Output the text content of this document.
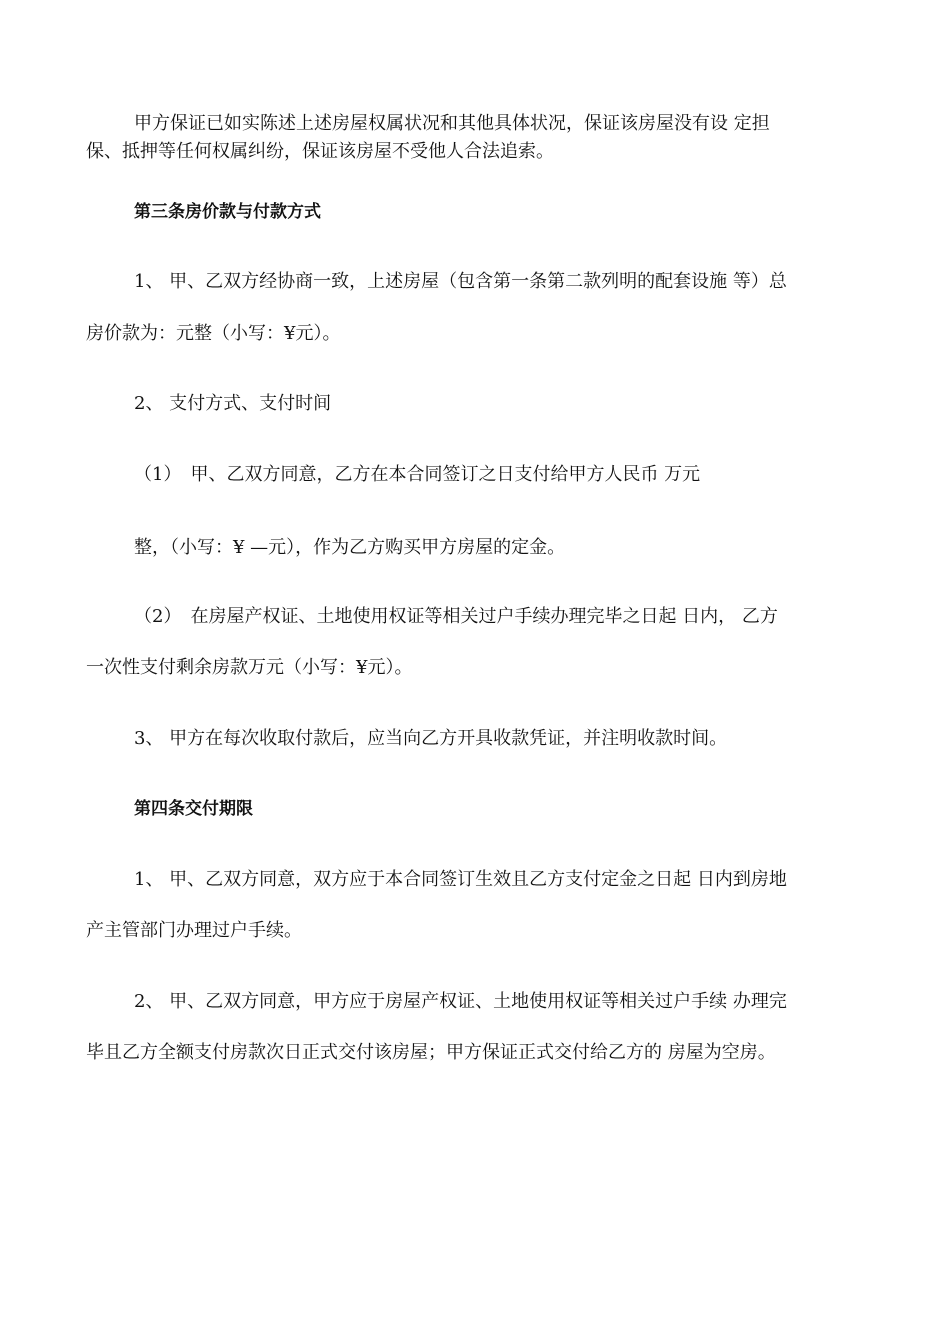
甲方保证已如实陈述上述房屋权属状况和其他具体状况，保证该房屋没有设 定担
保、抵押等任何权属纠纷，保证该房屋不受他人合法追索。
第三条房价款与付款方式
1、 甲、乙双方经协商一致，上述房屋（包含第一条第二款列明的配套设施 等）总
房价款为：元整（小写：¥元）。
2、 支付方式、支付时间
（1）　甲、乙双方同意，乙方在本合同签订之日支付给甲方人民币 万元
整，（小写：¥ —元），作为乙方购买甲方房屋的定金。
（2）　在房屋产权证、土地使用权证等相关过户手续办理完毕之日起 日内， 乙方
一次性支付剩余房款万元（小写：¥元）。
3、 甲方在每次收取付款后，应当向乙方开具收款凭证，并注明收款时间。
第四条交付期限
1、 甲、乙双方同意，双方应于本合同签订生效且乙方支付定金之日起 日内到房地
产主管部门办理过户手续。
2、 甲、乙双方同意，甲方应于房屋产权证、土地使用权证等相关过户手续 办理完
毕且乙方全额支付房款次日正式交付该房屋；甲方保证正式交付给乙方的 房屋为空房。
